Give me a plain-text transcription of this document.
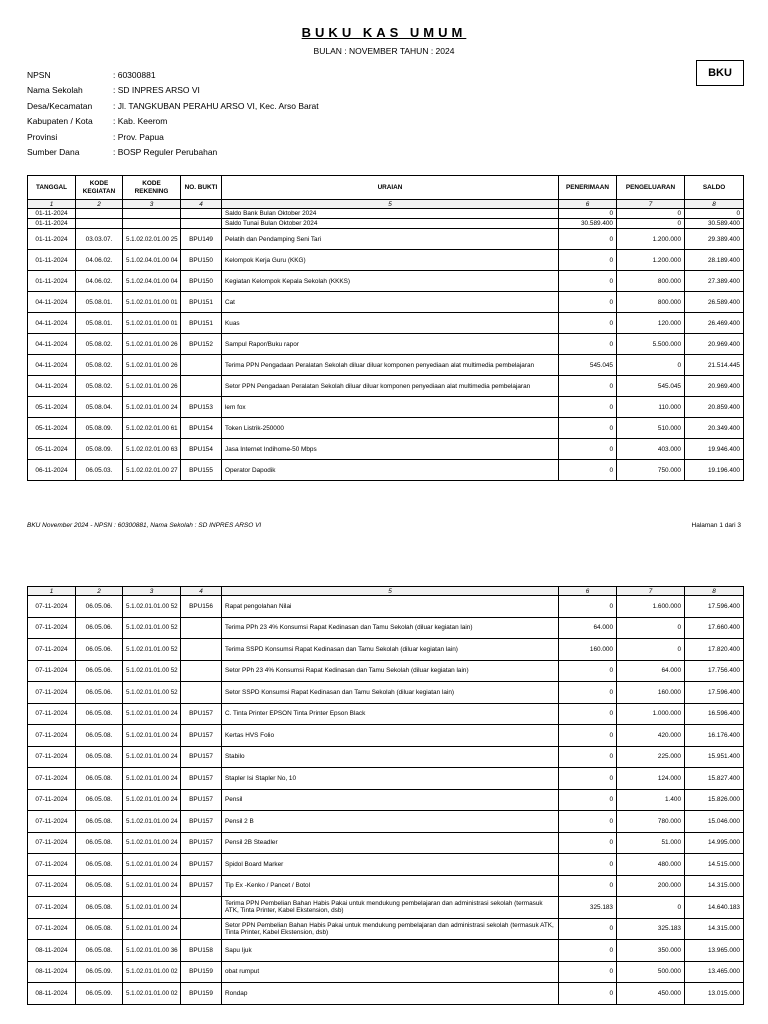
BUKU KAS UMUM
BULAN : NOVEMBER TAHUN : 2024
BKU
NPSN	: 60300881
Nama Sekolah	: SD INPRES ARSO VI
Desa/Kecamatan	: Jl. TANGKUBAN PERAHU ARSO VI, Kec. Arso Barat
Kabupaten / Kota	: Kab. Keerom
Provinsi	: Prov. Papua
Sumber Dana	: BOSP Reguler Perubahan
TANGGAL	KODE KEGIATAN	KODE REKENING	NO. BUKTI	URAIAN	PENERIMAAN	PENGELUARAN	SALDO
1	2	3	4	5	6	7	8
01-11-2024				Saldo Bank Bulan Oktober 2024	0	0	0
01-11-2024				Saldo Tunai Bulan Oktober 2024	30.589.400	0	30.589.400
01-11-2024	03.03.07.	5.1.02.02.01.00 25	BPU149	Pelatih dan Pendamping Seni Tari	0	1.200.000	29.389.400
01-11-2024	04.06.02.	5.1.02.04.01.00 04	BPU150	Kelompok Kerja Guru (KKG)	0	1.200.000	28.189.400
01-11-2024	04.06.02.	5.1.02.04.01.00 04	BPU150	Kegiatan Kelompok Kepala Sekolah (KKKS)	0	800.000	27.389.400
04-11-2024	05.08.01.	5.1.02.01.01.00 01	BPU151	Cat	0	800.000	26.589.400
04-11-2024	05.08.01.	5.1.02.01.01.00 01	BPU151	Kuas	0	120.000	26.469.400
04-11-2024	05.08.02.	5.1.02.01.01.00 26	BPU152	Sampul Rapor/Buku rapor	0	5.500.000	20.969.400
04-11-2024	05.08.02.	5.1.02.01.01.00 26		Terima PPN Pengadaan Peralatan Sekolah diluar diluar komponen penyediaan alat multimedia pembelajaran	545.045	0	21.514.445
04-11-2024	05.08.02.	5.1.02.01.01.00 26		Setor PPN Pengadaan Peralatan Sekolah diluar diluar komponen penyediaan alat multimedia pembelajaran	0	545.045	20.969.400
05-11-2024	05.08.04.	5.1.02.01.01.00 24	BPU153	lem fox	0	110.000	20.859.400
05-11-2024	05.08.09.	5.1.02.02.01.00 61	BPU154	Token Listrik-250000	0	510.000	20.349.400
05-11-2024	05.08.09.	5.1.02.02.01.00 63	BPU154	Jasa Internet Indihome-50 Mbps	0	403.000	19.946.400
06-11-2024	06.05.03.	5.1.02.02.01.00 27	BPU155	Operator Dapodik	0	750.000	19.196.400
BKU November 2024 - NPSN : 60300881, Nama Sekolah : SD INPRES ARSO VI	Halaman 1 dari 3
1	2	3	4	5	6	7	8
07-11-2024	06.05.06.	5.1.02.01.01.00 52	BPU156	Rapat pengolahan Nilai	0	1.600.000	17.596.400
07-11-2024	06.05.06.	5.1.02.01.01.00 52		Terima PPh 23 4% Konsumsi Rapat Kedinasan dan Tamu Sekolah (diluar kegiatan lain)	64.000	0	17.660.400
07-11-2024	06.05.06.	5.1.02.01.01.00 52		Terima SSPD Konsumsi Rapat Kedinasan dan Tamu Sekolah (diluar kegiatan lain)	160.000	0	17.820.400
07-11-2024	06.05.06.	5.1.02.01.01.00 52		Setor PPh 23 4% Konsumsi Rapat Kedinasan dan Tamu Sekolah (diluar kegiatan lain)	0	64.000	17.756.400
07-11-2024	06.05.06.	5.1.02.01.01.00 52		Setor SSPD Konsumsi Rapat Kedinasan dan Tamu Sekolah (diluar kegiatan lain)	0	160.000	17.596.400
07-11-2024	06.05.08.	5.1.02.01.01.00 24	BPU157	C. Tinta Printer EPSON Tinta Printer Epson Black	0	1.000.000	16.596.400
07-11-2024	06.05.08.	5.1.02.01.01.00 24	BPU157	Kertas HVS Folio	0	420.000	16.176.400
07-11-2024	06.05.08.	5.1.02.01.01.00 24	BPU157	Stabilo	0	225.000	15.951.400
07-11-2024	06.05.08.	5.1.02.01.01.00 24	BPU157	Stapler Isi Stapler No, 10	0	124.000	15.827.400
07-11-2024	06.05.08.	5.1.02.01.01.00 24	BPU157	Pensil	0	1.400	15.826.000
07-11-2024	06.05.08.	5.1.02.01.01.00 24	BPU157	Pensil 2 B	0	780.000	15.046.000
07-11-2024	06.05.08.	5.1.02.01.01.00 24	BPU157	Pensil 2B Steadler	0	51.000	14.995.000
07-11-2024	06.05.08.	5.1.02.01.01.00 24	BPU157	Spidol Board Marker	0	480.000	14.515.000
07-11-2024	06.05.08.	5.1.02.01.01.00 24	BPU157	Tip Ex -Kenko / Pancet / Botol	0	200.000	14.315.000
07-11-2024	06.05.08.	5.1.02.01.01.00 24		Terima PPN Pembelian Bahan Habis Pakai untuk mendukung pembelajaran dan administrasi sekolah (termasuk ATK, Tinta Printer, Kabel Ekstension, dsb)	325.183	0	14.640.183
07-11-2024	06.05.08.	5.1.02.01.01.00 24		Setor PPN Pembelian Bahan Habis Pakai untuk mendukung pembelajaran dan administrasi sekolah (termasuk ATK, Tinta Printer, Kabel Ekstension, dsb)	0	325.183	14.315.000
08-11-2024	06.05.08.	5.1.02.01.01.00 36	BPU158	Sapu Ijuk	0	350.000	13.965.000
08-11-2024	06.05.09.	5.1.02.01.01.00 02	BPU159	obat rumput	0	500.000	13.465.000
08-11-2024	06.05.09.	5.1.02.01.01.00 02	BPU159	Rondap	0	450.000	13.015.000
